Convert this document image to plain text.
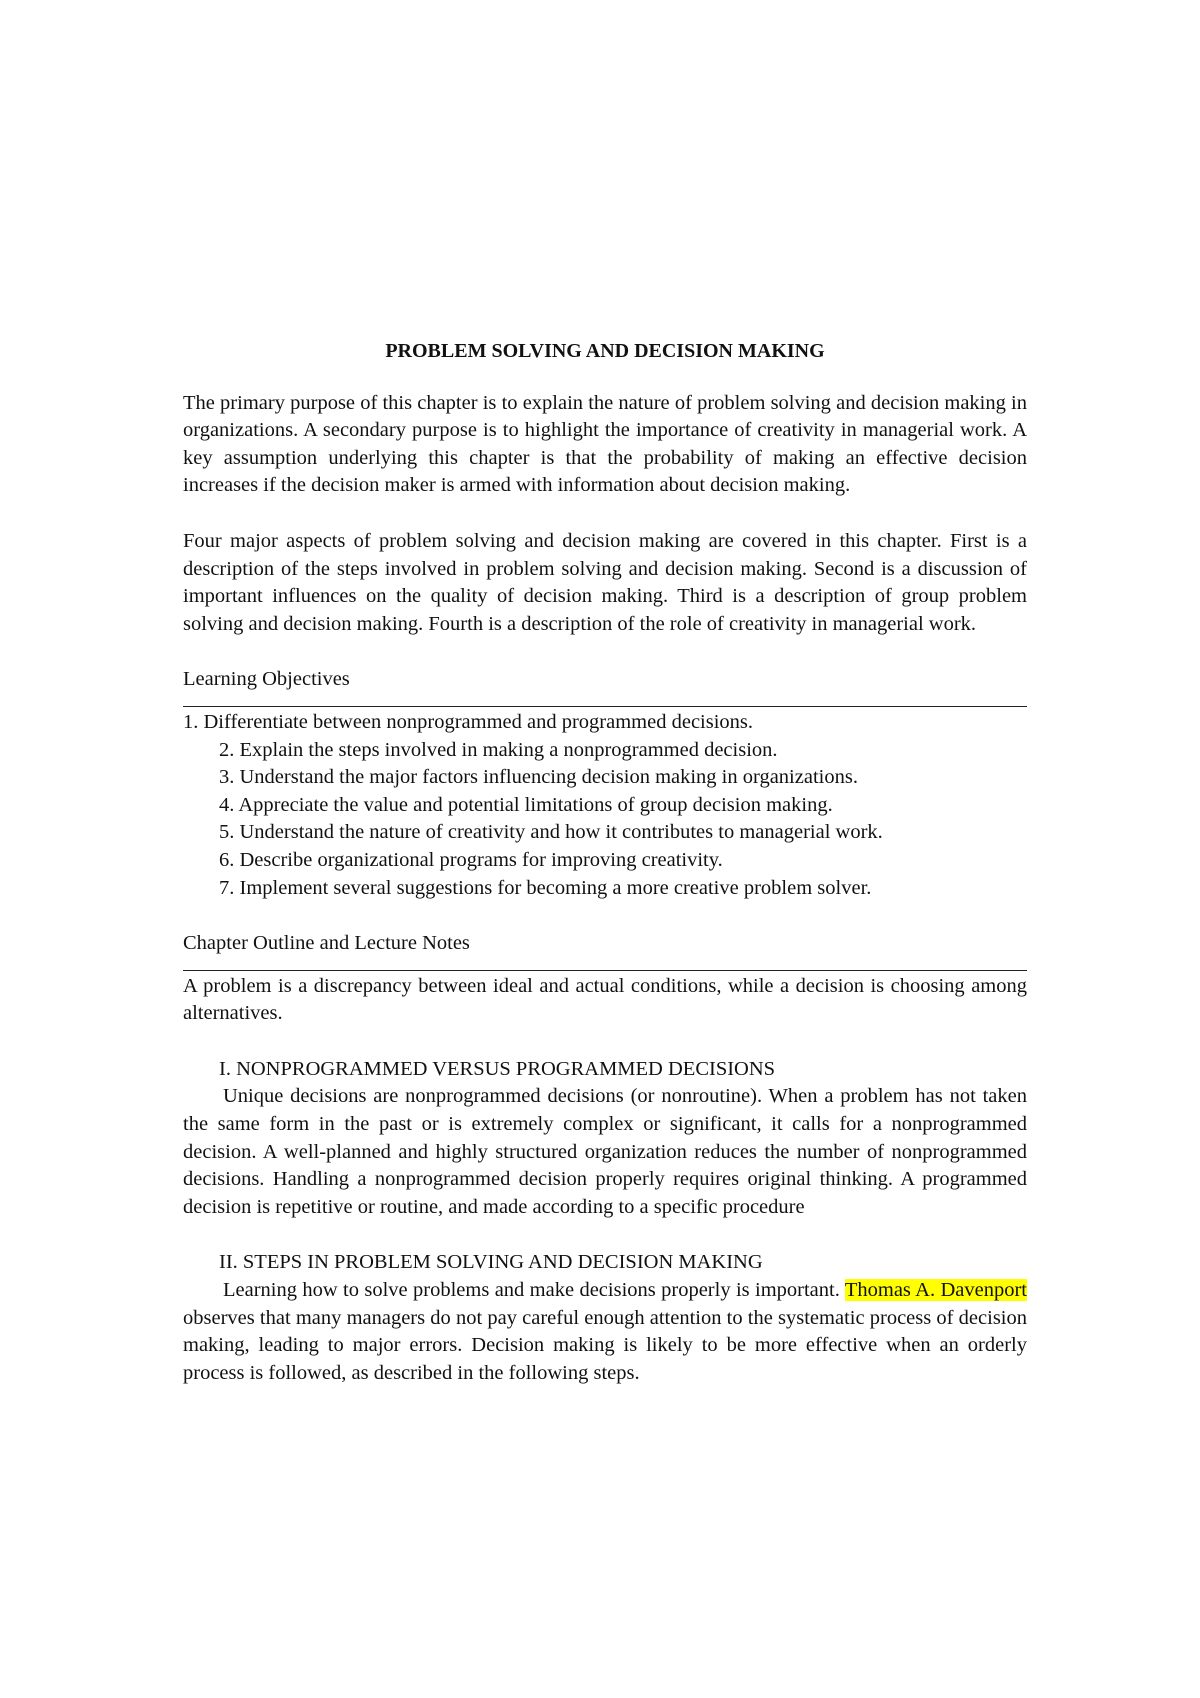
PROBLEM SOLVING AND DECISION MAKING

The primary purpose of this chapter is to explain the nature of problem solving and decision making in organizations. A secondary purpose is to highlight the importance of creativity in managerial work. A key assumption underlying this chapter is that the probability of making an effective decision increases if the decision maker is armed with information about decision making.

Four major aspects of problem solving and decision making are covered in this chapter. First is a description of the steps involved in problem solving and decision making. Second is a discussion of important influences on the quality of decision making. Third is a description of group problem solving and decision making. Fourth is a description of the role of creativity in managerial work.

Learning Objectives
1. Differentiate between nonprogrammed and programmed decisions.
2. Explain the steps involved in making a nonprogrammed decision.
3. Understand the major factors influencing decision making in organizations.
4. Appreciate the value and potential limitations of group decision making.
5. Understand the nature of creativity and how it contributes to managerial work.
6. Describe organizational programs for improving creativity.
7. Implement several suggestions for becoming a more creative problem solver.
Chapter Outline and Lecture Notes

A problem is a discrepancy between ideal and actual conditions, while a decision is choosing among alternatives.

I. NONPROGRAMMED VERSUS PROGRAMMED DECISIONS

Unique decisions are nonprogrammed decisions (or nonroutine). When a problem has not taken the same form in the past or is extremely complex or significant, it calls for a nonprogrammed decision. A well-planned and highly structured organization reduces the number of nonprogrammed decisions. Handling a nonprogrammed decision properly requires original thinking. A programmed decision is repetitive or routine, and made according to a specific procedure

II. STEPS IN PROBLEM SOLVING AND DECISION MAKING

Learning how to solve problems and make decisions properly is important. Thomas A. Davenport observes that many managers do not pay careful enough attention to the systematic process of decision making, leading to major errors. Decision making is likely to be more effective when an orderly process is followed, as described in the following steps.
